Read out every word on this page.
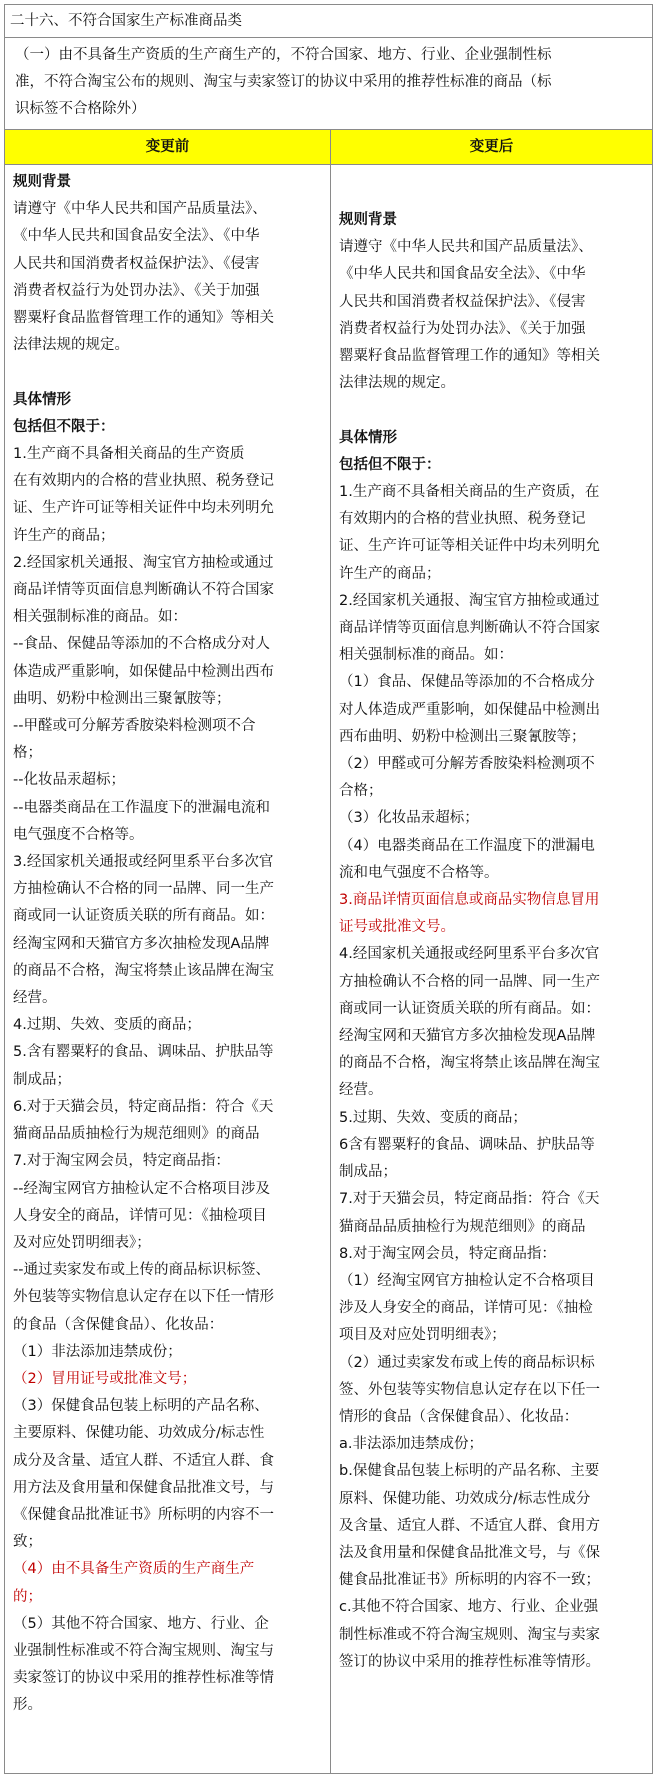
二十六、不符合国家生产标准商品类
（一）由不具备生产资质的生产商生产的，不符合国家、地方、行业、企业强制性标
准，不符合淘宝公布的规则、淘宝与卖家签订的协议中采用的推荐性标准的商品（标
识标签不合格除外）
变更前	变更后
规则背景
请遵守《中华人民共和国产品质量法》、
《中华人民共和国食品安全法》、《中华
人民共和国消费者权益保护法》、《侵害
消费者权益行为处罚办法》、《关于加强
罂粟籽食品监督管理工作的通知》等相关
法律法规的规定。
具体情形
包括但不限于：
1.生产商不具备相关商品的生产资质
在有效期内的合格的营业执照、税务登记
证、生产许可证等相关证件中均未列明允
许生产的商品；
2.经国家机关通报、淘宝官方抽检或通过
商品详情等页面信息判断确认不符合国家
相关强制标准的商品。如：
--食品、保健品等添加的不合格成分对人
体造成严重影响，如保健品中检测出西布
曲明、奶粉中检测出三聚氰胺等；
--甲醛或可分解芳香胺染料检测项不合
格；
--化妆品汞超标；
--电器类商品在工作温度下的泄漏电流和
电气强度不合格等。
3.经国家机关通报或经阿里系平台多次官
方抽检确认不合格的同一品牌、同一生产
商或同一认证资质关联的所有商品。如：
经淘宝网和天猫官方多次抽检发现A品牌
的商品不合格，淘宝将禁止该品牌在淘宝
经营。
4.过期、失效、变质的商品；
5.含有罂粟籽的食品、调味品、护肤品等
制成品；
6.对于天猫会员，特定商品指：符合《天
猫商品品质抽检行为规范细则》的商品
7.对于淘宝网会员，特定商品指：
--经淘宝网官方抽检认定不合格项目涉及
人身安全的商品，详情可见：《抽检项目
及对应处罚明细表》；
--通过卖家发布或上传的商品标识标签、
外包装等实物信息认定存在以下任一情形
的食品（含保健食品）、化妆品：
（1）非法添加违禁成份；
（2）冒用证号或批准文号；
（3）保健食品包装上标明的产品名称、
主要原料、保健功能、功效成分/标志性
成分及含量、适宜人群、不适宜人群、食
用方法及食用量和保健食品批准文号，与
《保健食品批准证书》所标明的内容不一
致；
（4）由不具备生产资质的生产商生产
的；
（5）其他不符合国家、地方、行业、企
业强制性标准或不符合淘宝规则、淘宝与
卖家签订的协议中采用的推荐性标准等情
形。
规则背景
请遵守《中华人民共和国产品质量法》、
《中华人民共和国食品安全法》、《中华
人民共和国消费者权益保护法》、《侵害
消费者权益行为处罚办法》、《关于加强
罂粟籽食品监督管理工作的通知》等相关
法律法规的规定。
具体情形
包括但不限于：
1.生产商不具备相关商品的生产资质，在
有效期内的合格的营业执照、税务登记
证、生产许可证等相关证件中均未列明允
许生产的商品；
2.经国家机关通报、淘宝官方抽检或通过
商品详情等页面信息判断确认不符合国家
相关强制标准的商品。如：
（1）食品、保健品等添加的不合格成分
对人体造成严重影响，如保健品中检测出
西布曲明、奶粉中检测出三聚氰胺等；
（2）甲醛或可分解芳香胺染料检测项不
合格；
（3）化妆品汞超标；
（4）电器类商品在工作温度下的泄漏电
流和电气强度不合格等。
3.商品详情页面信息或商品实物信息冒用
证号或批准文号。
4.经国家机关通报或经阿里系平台多次官
方抽检确认不合格的同一品牌、同一生产
商或同一认证资质关联的所有商品。如：
经淘宝网和天猫官方多次抽检发现A品牌
的商品不合格，淘宝将禁止该品牌在淘宝
经营。
5.过期、失效、变质的商品；
6含有罂粟籽的食品、调味品、护肤品等
制成品；
7.对于天猫会员，特定商品指：符合《天
猫商品品质抽检行为规范细则》的商品
8.对于淘宝网会员，特定商品指：
（1）经淘宝网官方抽检认定不合格项目
涉及人身安全的商品，详情可见：《抽检
项目及对应处罚明细表》；
（2）通过卖家发布或上传的商品标识标
签、外包装等实物信息认定存在以下任一
情形的食品（含保健食品）、化妆品：
a.非法添加违禁成份；
b.保健食品包装上标明的产品名称、主要
原料、保健功能、功效成分/标志性成分
及含量、适宜人群、不适宜人群、食用方
法及食用量和保健食品批准文号，与《保
健食品批准证书》所标明的内容不一致；
c.其他不符合国家、地方、行业、企业强
制性标准或不符合淘宝规则、淘宝与卖家
签订的协议中采用的推荐性标准等情形。
